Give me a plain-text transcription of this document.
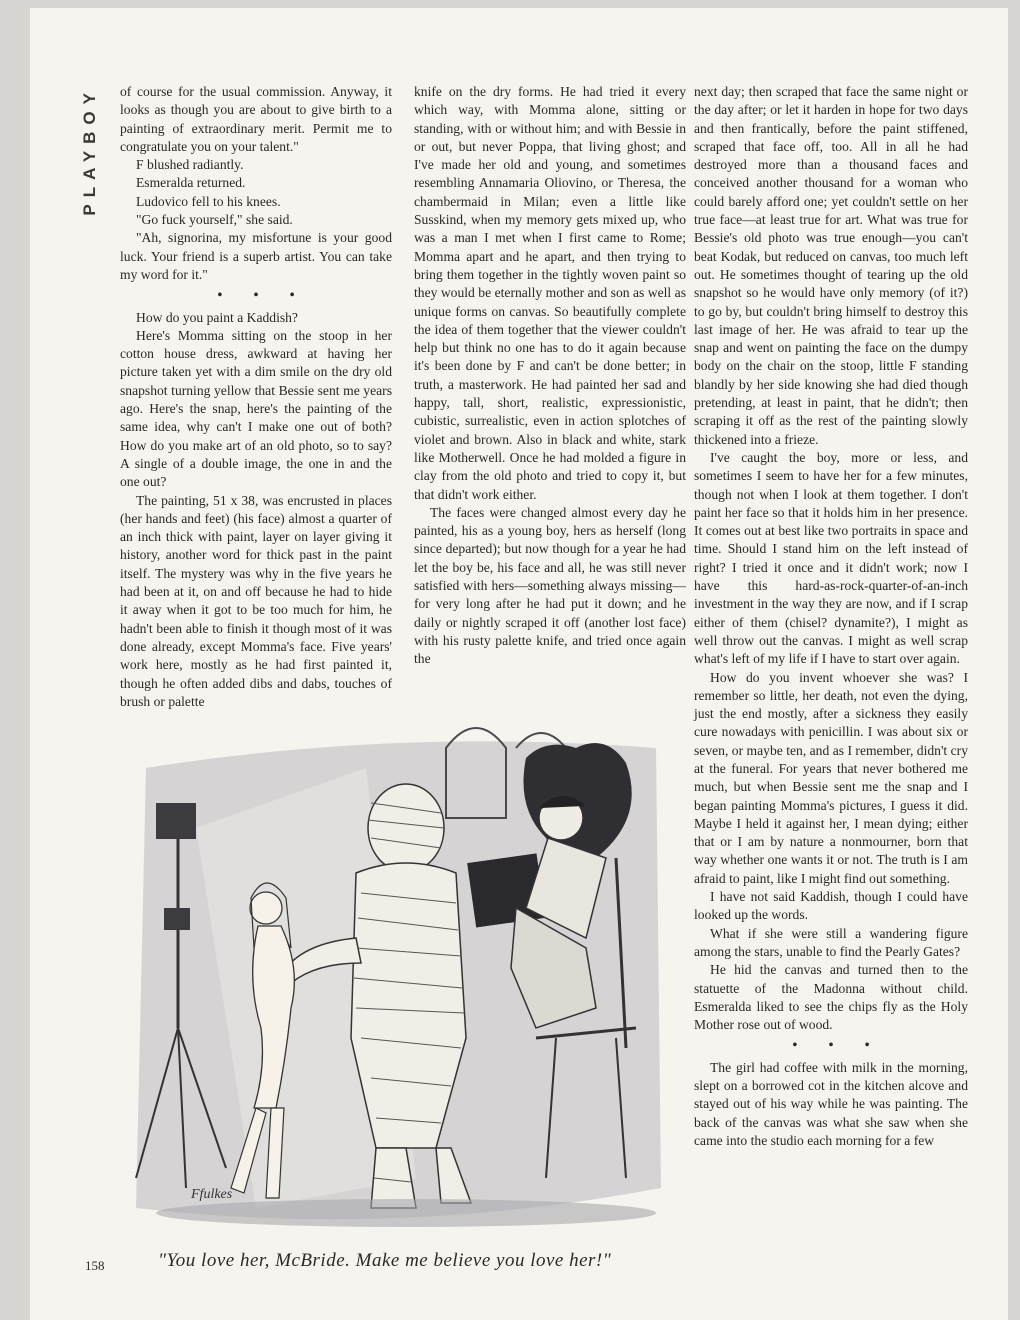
PLAYBOY of course for the usual commission. Anyway, it looks as though you are about to give birth to a painting of extraordinary merit. Permit me to congratulate you on your talent."

F blushed radiantly.

Esmeralda returned.

Ludovico fell to his knees.

"Go fuck yourself," she said.

"Ah, signorina, my misfortune is your good luck. Your friend is a superb artist. You can take my word for it."

• • •

How do you paint a Kaddish?

Here's Momma sitting on the stoop in her cotton house dress, awkward at having her picture taken yet with a dim smile on the dry old snapshot turning yellow that Bessie sent me years ago. Here's the snap, here's the painting of the same idea, why can't I make one out of both? How do you make art of an old photo, so to say? A single of a double image, the one in and the one out?

The painting, 51 x 38, was encrusted in places (her hands and feet) (his face) almost a quarter of an inch thick with paint, layer on layer giving it history, another word for thick past in the paint itself. The mystery was why in the five years he had been at it, on and off because he had to hide it away when it got to be too much for him, he hadn't been able to finish it though most of it was done already, except Momma's face. Five years' work here, mostly as he had first painted it, though he often added dibs and dabs, touches of brush or palette

knife on the dry forms. He had tried it every which way, with Momma alone, sitting or standing, with or without him; and with Bessie in or out, but never Poppa, that living ghost; and I've made her old and young, and sometimes resembling Annamaria Oliovino, or Theresa, the chambermaid in Milan; even a little like Susskind, when my memory gets mixed up, who was a man I met when I first came to Rome; Momma apart and he apart, and then trying to bring them together in the tightly woven paint so they would be eternally mother and son as well as unique forms on canvas. So beautifully complete the idea of them together that the viewer couldn't help but think no one has to do it again because it's been done by F and can't be done better; in truth, a masterwork. He had painted her sad and happy, tall, short, realistic, expressionistic, cubistic, surrealistic, even in action splotches of violet and brown. Also in black and white, stark like Motherwell. Once he had molded a figure in clay from the old photo and tried to copy it, but that didn't work either.

The faces were changed almost every day he painted, his as a young boy, hers as herself (long since departed); but now though for a year he had let the boy be, his face and all, he was still never satisfied with hers—something always missing—for very long after he had put it down; and he daily or nightly scraped it off (another lost face) with his rusty palette knife, and tried once again the

next day; then scraped that face the same night or the day after; or let it harden in hope for two days and then frantically, before the paint stiffened, scraped that face off, too. All in all he had destroyed more than a thousand faces and conceived another thousand for a woman who could barely afford one; yet couldn't settle on her true face—at least true for art. What was true for Bessie's old photo was true enough—you can't beat Kodak, but reduced on canvas, too much left out. He sometimes thought of tearing up the old snapshot so he would have only memory (of it?) to go by, but couldn't bring himself to destroy this last image of her. He was afraid to tear up the snap and went on painting the face on the dumpy body on the chair on the stoop, little F standing blandly by her side knowing she had died though pretending, at least in paint, that he didn't; then scraping it off as the rest of the painting slowly thickened into a frieze.

I've caught the boy, more or less, and sometimes I seem to have her for a few minutes, though not when I look at them together. I don't paint her face so that it holds him in her presence. It comes out at best like two portraits in space and time. Should I stand him on the left instead of right? I tried it once and it didn't work; now I have this hard-as-rock-quarter-of-an-inch investment in the way they are now, and if I scrap either of them (chisel? dynamite?), I might as well throw out the canvas. I might as well scrap what's left of my life if I have to start over again.

How do you invent whoever she was? I remember so little, her death, not even the dying, just the end mostly, after a sickness they easily cure nowadays with penicillin. I was about six or seven, or maybe ten, and as I remember, didn't cry at the funeral. For years that never bothered me much, but when Bessie sent me the snap and I began painting Momma's pictures, I guess it did. Maybe I held it against her, I mean dying; either that or I am by nature a nonmourner, born that way whether one wants it or not. The truth is I am afraid to paint, like I might find out something.

I have not said Kaddish, though I could have looked up the words.

What if she were still a wandering figure among the stars, unable to find the Pearly Gates?

He hid the canvas and turned then to the statuette of the Madonna without child. Esmeralda liked to see the chips fly as the Holy Mother rose out of wood.

• • •

The girl had coffee with milk in the morning, slept on a borrowed cot in the kitchen alcove and stayed out of his way while he was painting. The back of the canvas was what she saw when she came into the studio each morning for a few

Ffulkes
158	"You love her, McBride. Make me believe you love her!"
